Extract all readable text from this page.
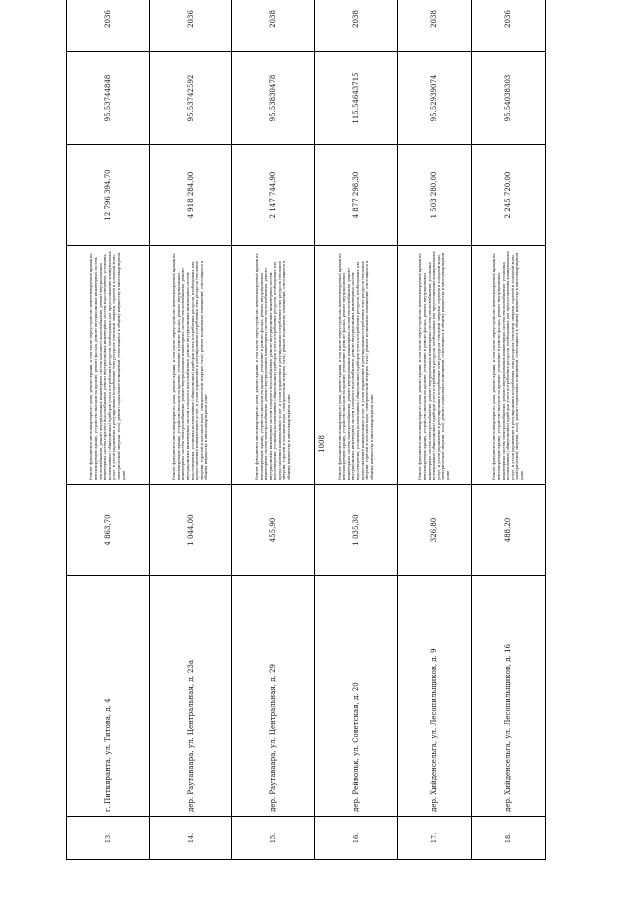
1008
13.	г. Питкяранта, ул. Титова, д. 4	4 863,70	Ремонт фундамента многоквартирного дома; ремонт крыши, в том числе переустройство невентилируемой крыши на вентилируемую крышу, устройство выходов на кровлю; ремонт фасада, ремонт внутридомовых инженерных систем теплоснабжения, ремонт внутридомовых инженерных систем холодного водоснабжения, ремонт внутридомовых инженерных систем горячего водоснабжения, ремонт внутридомовых инженерных систем водоотведения; установка коллективных (общедомовых) приборов учета потребления ресурсов, необходимых для предоставления коммунальных услуг, и узлов управления и регулирования потребления этих ресурсов (тепловой энергии, горячей и холодной воды, электрической энергии, газа); ремонт подвальных помещений, относящихся к общему имуществу в многоквартирном доме	12 796 394,70	95.53744848	2036
14.	дер. Раутаваара, ул. Центральная, д. 23а	1 044,00	Ремонт фундамента многоквартирного дома; ремонт крыши, в том числе переустройство невентилируемой крыши на вентилируемую крышу, устройство выходов на кровлю; утепление и ремонт фасада, ремонт внутридомовых инженерных систем электроснабжения, ремонт внутридомовых инженерных систем теплоснабжения, ремонт внутридомовых инженерных систем холодного водоснабжения, ремонт внутридомовых инженерных систем водоотведения; установка коллективных (общедомовых) приборов учета потребления ресурсов, необходимых для предоставления коммунальных услуг, и узлов управления и регулирования потребления этих ресурсов (тепловой энергии, горячей и холодной воды, электрической энергии, газа); ремонт подвальных помещений, относящихся к общему имуществу в многоквартирном доме	4 918 284,00	95.53742592	2036
15.	дер. Раутаваара, ул. Центральная, д. 29	455,90	Ремонт фундамента многоквартирного дома; ремонт крыши, в том числе переустройство невентилируемой крыши на вентилируемую крышу, устройство выходов на кровлю; утепление и ремонт фасада, ремонт внутридомовых инженерных систем электроснабжения, ремонт внутридомовых инженерных систем теплоснабжения, ремонт внутридомовых инженерных систем холодного водоснабжения, ремонт внутридомовых инженерных систем водоотведения; установка коллективных (общедомовых) приборов учета потребления ресурсов, необходимых для предоставления коммунальных услуг, и узлов управления и регулирования потребления этих ресурсов (тепловой энергии, горячей и холодной воды, электрической энергии, газа); ремонт подвальных помещений, относящихся к общему имуществу в многоквартирном доме	2 147 744,90	95.53830478	2038
16.	дер. Рейвольк, ул. Советская, д. 20	1 035,30	Ремонт фундамента многоквартирного дома; ремонт крыши, в том числе переустройство невентилируемой крыши на вентилируемую крышу, устройство выходов на кровлю; утепление и ремонт фасада, ремонт внутридомовых инженерных систем электроснабжения, ремонт внутридомовых инженерных систем теплоснабжения, ремонт внутридомовых инженерных систем холодного водоснабжения, ремонт внутридомовых инженерных систем водоотведения; установка коллективных (общедомовых) приборов учета потребления ресурсов, необходимых для предоставления коммунальных услуг, и узлов управления и регулирования потребления этих ресурсов (тепловой энергии, горячей и холодной воды, электрической энергии, газа); ремонт подвальных помещений, относящихся к общему имуществу в многоквартирном доме	4 877 298,30	115.54643715	2038
17.	дер. Хийденсельга, ул. Лесопильщиков, д. 9	326,80	Ремонт фундамента многоквартирного дома; ремонт крыши, в том числе переустройство невентилируемой крыши на вентилируемую крышу, устройство выходов на кровлю; утепление и ремонт фасада, ремонт внутридомовых инженерных систем электроснабжения, ремонт внутридомовых инженерных систем теплоснабжения; установка коллективных (общедомовых) приборов учета потребления ресурсов, необходимых для предоставления коммунальных услуг, и узлов управления и регулирования потребления этих ресурсов (тепловой энергии, горячей и холодной воды, электрической энергии, газа); ремонт подвальных помещений, относящихся к общему имуществу в многоквартирном доме	1 503 280,00	95.52939074	2038
18.	дер. Хийденсельга, ул. Лесопильщиков, д. 16	488,20	Ремонт фундамента многоквартирного дома; ремонт крыши, в том числе переустройство невентилируемой крыши на вентилируемую крышу, устройство выходов на кровлю; утепление и ремонт фасада, ремонт внутридомовых инженерных систем электроснабжения, ремонт внутридомовых инженерных систем теплоснабжения; установка коллективных (общедомовых) приборов учета потребления ресурсов, необходимых для предоставления коммунальных услуг, и узлов управления и регулирования потребления этих ресурсов (тепловой энергии, горячей и холодной воды, электрической энергии, газа); ремонт подвальных помещений, относящихся к общему имуществу в многоквартирном доме	2 245 720,00	95.54038303	2036
